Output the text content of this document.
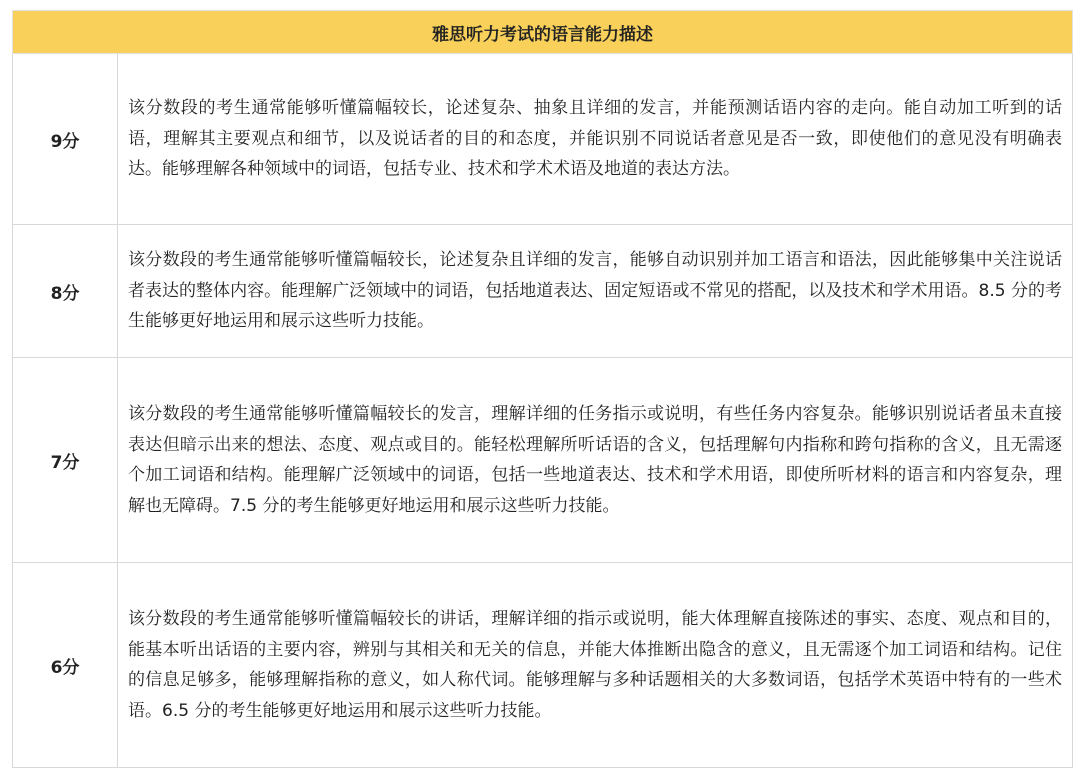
雅思听力考试的语言能力描述	
9分	该分数段的考生通常能够听懂篇幅较长，论述复杂、抽象且详细的发言，并能预测话语内容的走向。能自动加工听到的话语，理解其主要观点和细节，以及说话者的目的和态度，并能识别不同说话者意见是否一致，即使他们的意见没有明确表达。能够理解各种领域中的词语，包括专业、技术和学术术语及地道的表达方法。
8分	该分数段的考生通常能够听懂篇幅较长，论述复杂且详细的发言，能够自动识别并加工语言和语法，因此能够集中关注说话者表达的整体内容。能理解广泛领域中的词语，包括地道表达、固定短语或不常见的搭配，以及技术和学术用语。8.5 分的考生能够更好地运用和展示这些听力技能。
7分	该分数段的考生通常能够听懂篇幅较长的发言，理解详细的任务指示或说明，有些任务内容复杂。能够识别说话者虽未直接表达但暗示出来的想法、态度、观点或目的。能轻松理解所听话语的含义，包括理解句内指称和跨句指称的含义，且无需逐个加工词语和结构。能理解广泛领域中的词语，包括一些地道表达、技术和学术用语，即使所听材料的语言和内容复杂，理解也无障碍。7.5 分的考生能够更好地运用和展示这些听力技能。
6分	该分数段的考生通常能够听懂篇幅较长的讲话，理解详细的指示或说明，能大体理解直接陈述的事实、态度、观点和目的，能基本听出话语的主要内容，辨别与其相关和无关的信息，并能大体推断出隐含的意义，且无需逐个加工词语和结构。记住的信息足够多，能够理解指称的意义，如人称代词。能够理解与多种话题相关的大多数词语，包括学术英语中特有的一些术语。6.5 分的考生能够更好地运用和展示这些听力技能。
